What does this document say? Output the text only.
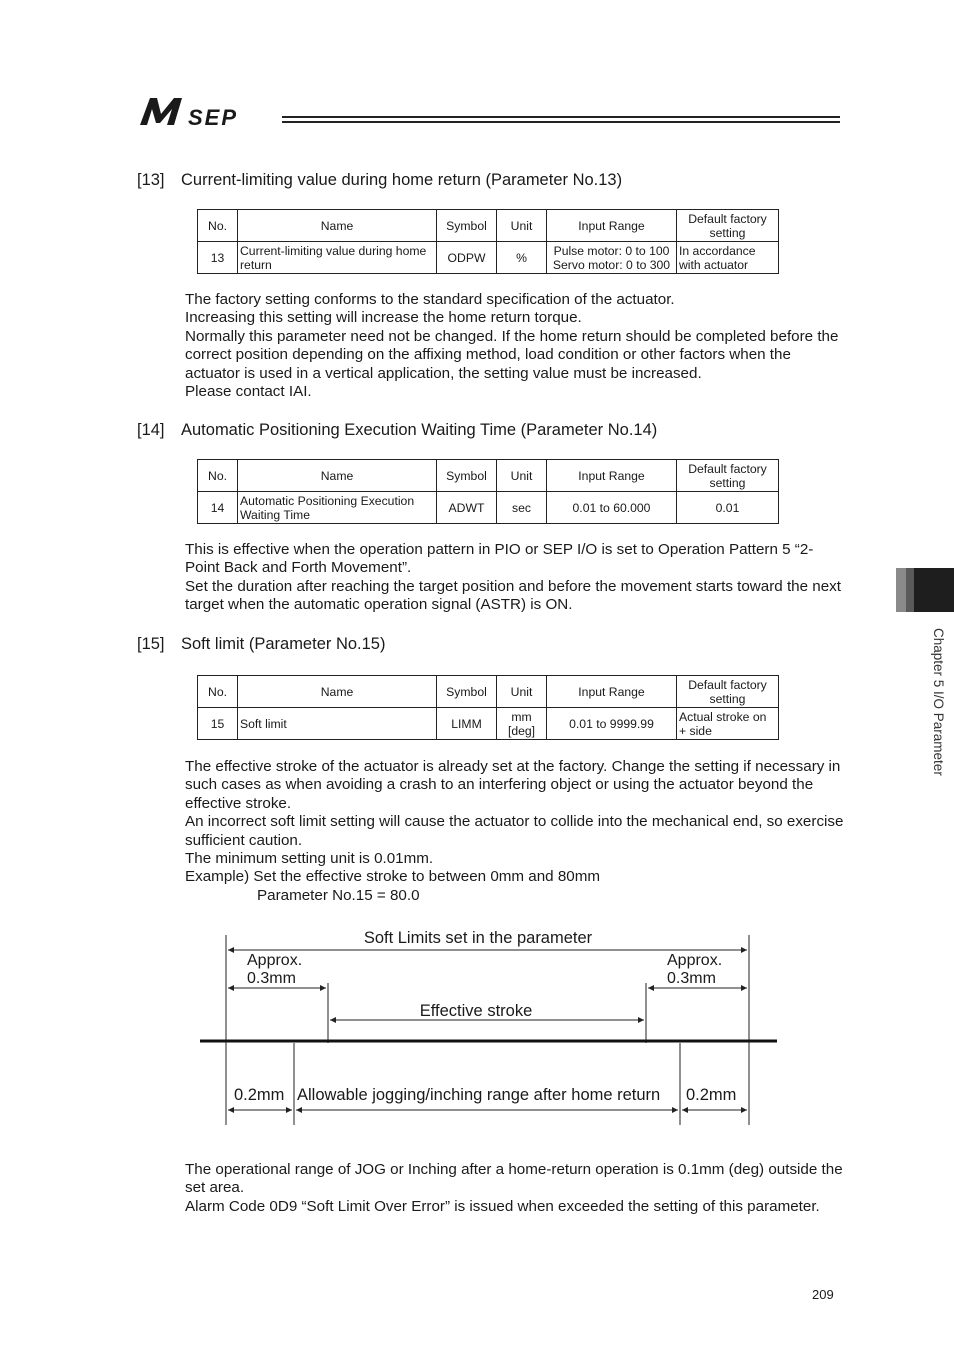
SEP
[13] Current-limiting value during home return (Parameter No.13)
No.	Name	Symbol	Unit	Input Range	Default factory setting
13	Current-limiting value during home return	ODPW	%	Pulse motor: 0 to 100 Servo motor: 0 to 300	In accordance with actuator

The factory setting conforms to the standard specification of the actuator.

Increasing this setting will increase the home return torque.

Normally this parameter need not be changed. If the home return should be completed before the correct position depending on the affixing method, load condition or other factors when the actuator is used in a vertical application, the setting value must be increased.

Please contact IAI.

[14] Automatic Positioning Execution Waiting Time (Parameter No.14)
No.	Name	Symbol	Unit	Input Range	Default factory setting
14	Automatic Positioning Execution Waiting Time	ADWT	sec	0.01 to 60.000	0.01

This is effective when the operation pattern in PIO or SEP I/O is set to Operation Pattern 5 “2-Point Back and Forth Movement”.

Set the duration after reaching the target position and before the movement starts toward the next target when the automatic operation signal (ASTR) is ON.

[15] Soft limit (Parameter No.15)
No.	Name	Symbol	Unit	Input Range	Default factory setting
15	Soft limit	LIMM	mm [deg]	0.01 to 9999.99	Actual stroke on + side

The effective stroke of the actuator is already set at the factory. Change the setting if necessary in such cases as when avoiding a crash to an interfering object or using the actuator beyond the effective stroke.

An incorrect soft limit setting will cause the actuator to collide into the mechanical end, so exercise sufficient caution.

The minimum setting unit is 0.01mm.

Example) Set the effective stroke to between 0mm and 80mm

Parameter No.15 = 80.0

Soft Limits set in the parameter
Approx. 0.3mm
Approx. 0.3mm
Effective stroke
0.2mm Allowable jogging/inching range after home return 0.2mm

The operational range of JOG or Inching after a home-return operation is 0.1mm (deg) outside the set area.

Alarm Code 0D9 “Soft Limit Over Error” is issued when exceeded the setting of this parameter.

Chapter 5 I/O Parameter
209
